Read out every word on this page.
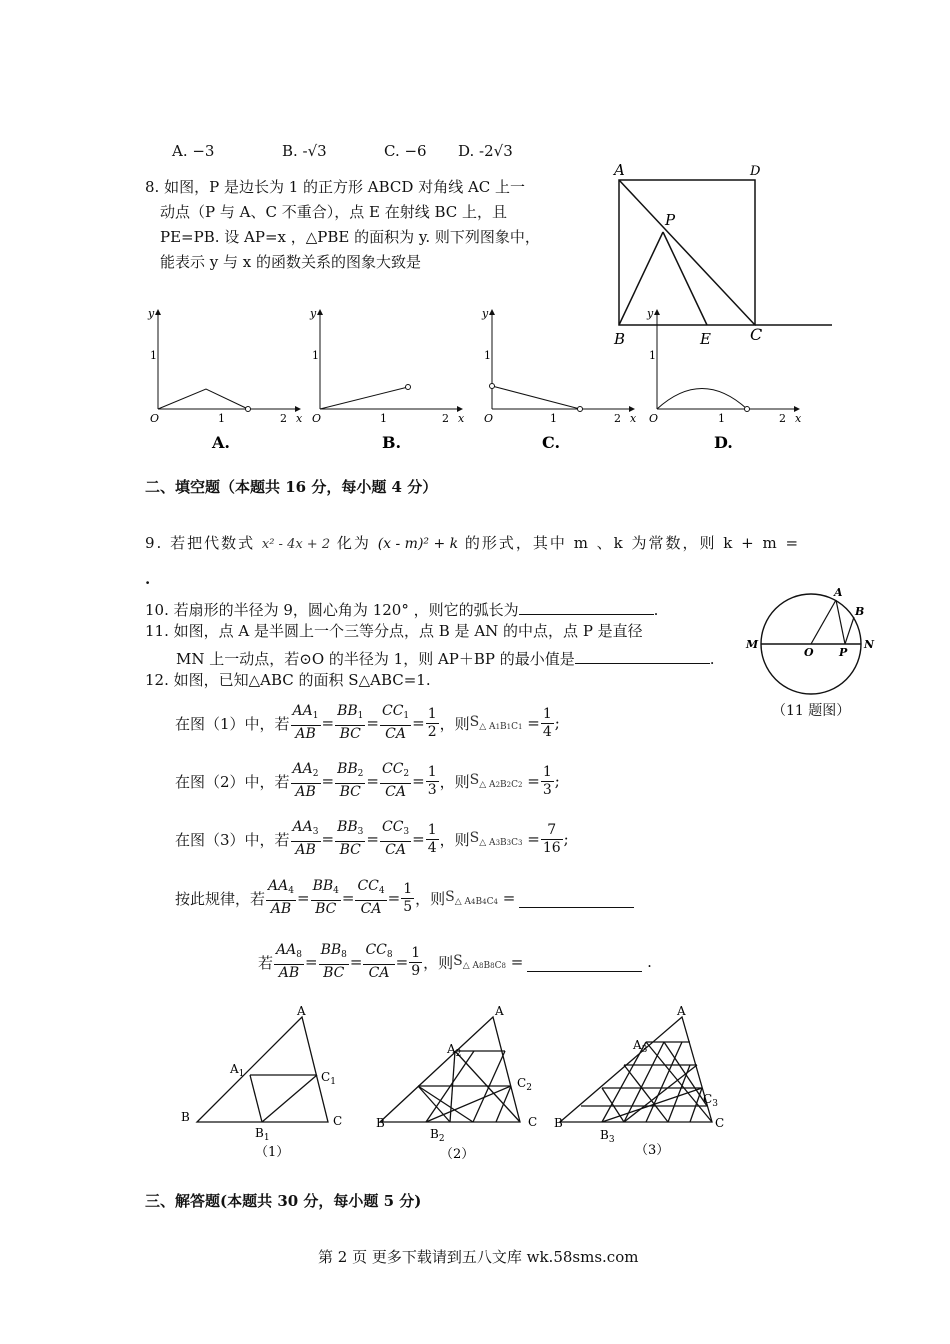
A. −3	B. -√3	C. −6 D. -2√3
8. 如图，P 是边长为 1 的正方形 ABCD 对角线 AC 上一
动点（P 与 A、C 不重合），点 E 在射线 BC 上，且
PE=PB. 设 AP=x ，△PBE 的面积为 y. 则下列图象中，
能表示 y 与 x 的函数关系的图象大致是
A	D
P
B	E C
y	y	y	y
O	O	O	O
x	x	x	x
1	1	1	1
1	1	1	1
2	2	2	2
A.	B.	C.	D.
二、填空题（本题共 16 分，每小题 4 分）
9. 若把代数式 x² - 4x + 2 化为 (x - m)² + k 的形式，其中 m 、k 为常数，则 k + m =
.
10. 若扇形的半径为 9，圆心角为 120° ，则它的弧长为	.
11. 如图，点 A 是半圆上一个三等分点，点 B 是 AN 的中点，点 P 是直径
MN 上一动点，若⊙O 的半径为 1，则 AP＋BP 的最小值是	.
A
B
M
O P
N
（11 题图）
12. 如图，已知△ABC 的面积 S△ABC=1.
在图（1）中，若 $\frac{AA_1}{AB} = \frac{BB_1}{BC} = \frac{CC_1}{CA} = \frac{1}{2}$ ，则 $S_{\triangle A1B1C1} = \frac{1}{4}$ ;
在图（2）中，若 $\frac{AA_2}{AB} = \frac{BB_2}{BC} = \frac{CC_2}{CA} = \frac{1}{3}$ ，则 $S_{\triangle A2B2C2} = \frac{1}{3}$ ;
在图（3）中，若 $\frac{AA_3}{AB} = \frac{BB_3}{BC} = \frac{CC_3}{CA} = \frac{1}{4}$ ，则 $S_{\triangle A3B3C3} = \frac{7}{16}$ ;
按此规律，若 $\frac{AA_4}{AB} = \frac{BB_4}{BC} = \frac{CC_4}{CA} = \frac{1}{5}$ ，则 $S_{\triangle A4B4C4}$ =
若 $\frac{AA_8}{AB} = \frac{BB_8}{BC} = \frac{CC_8}{CA} = \frac{1}{9}$ ，则 $S_{\triangle A8B8C8}$ =	.
A
$A_1$	$C_1$
B	C
$B_1$
A
$A_2$
$C_2$
B	C
$B_2$
A
$A_3$
$C_3$
B	C
$B_3$
（1）	（2）	（3）
三、解答题(本题共 30 分，每小题 5 分)
第 2 页 更多下载请到五八文库 wk.58sms.com
